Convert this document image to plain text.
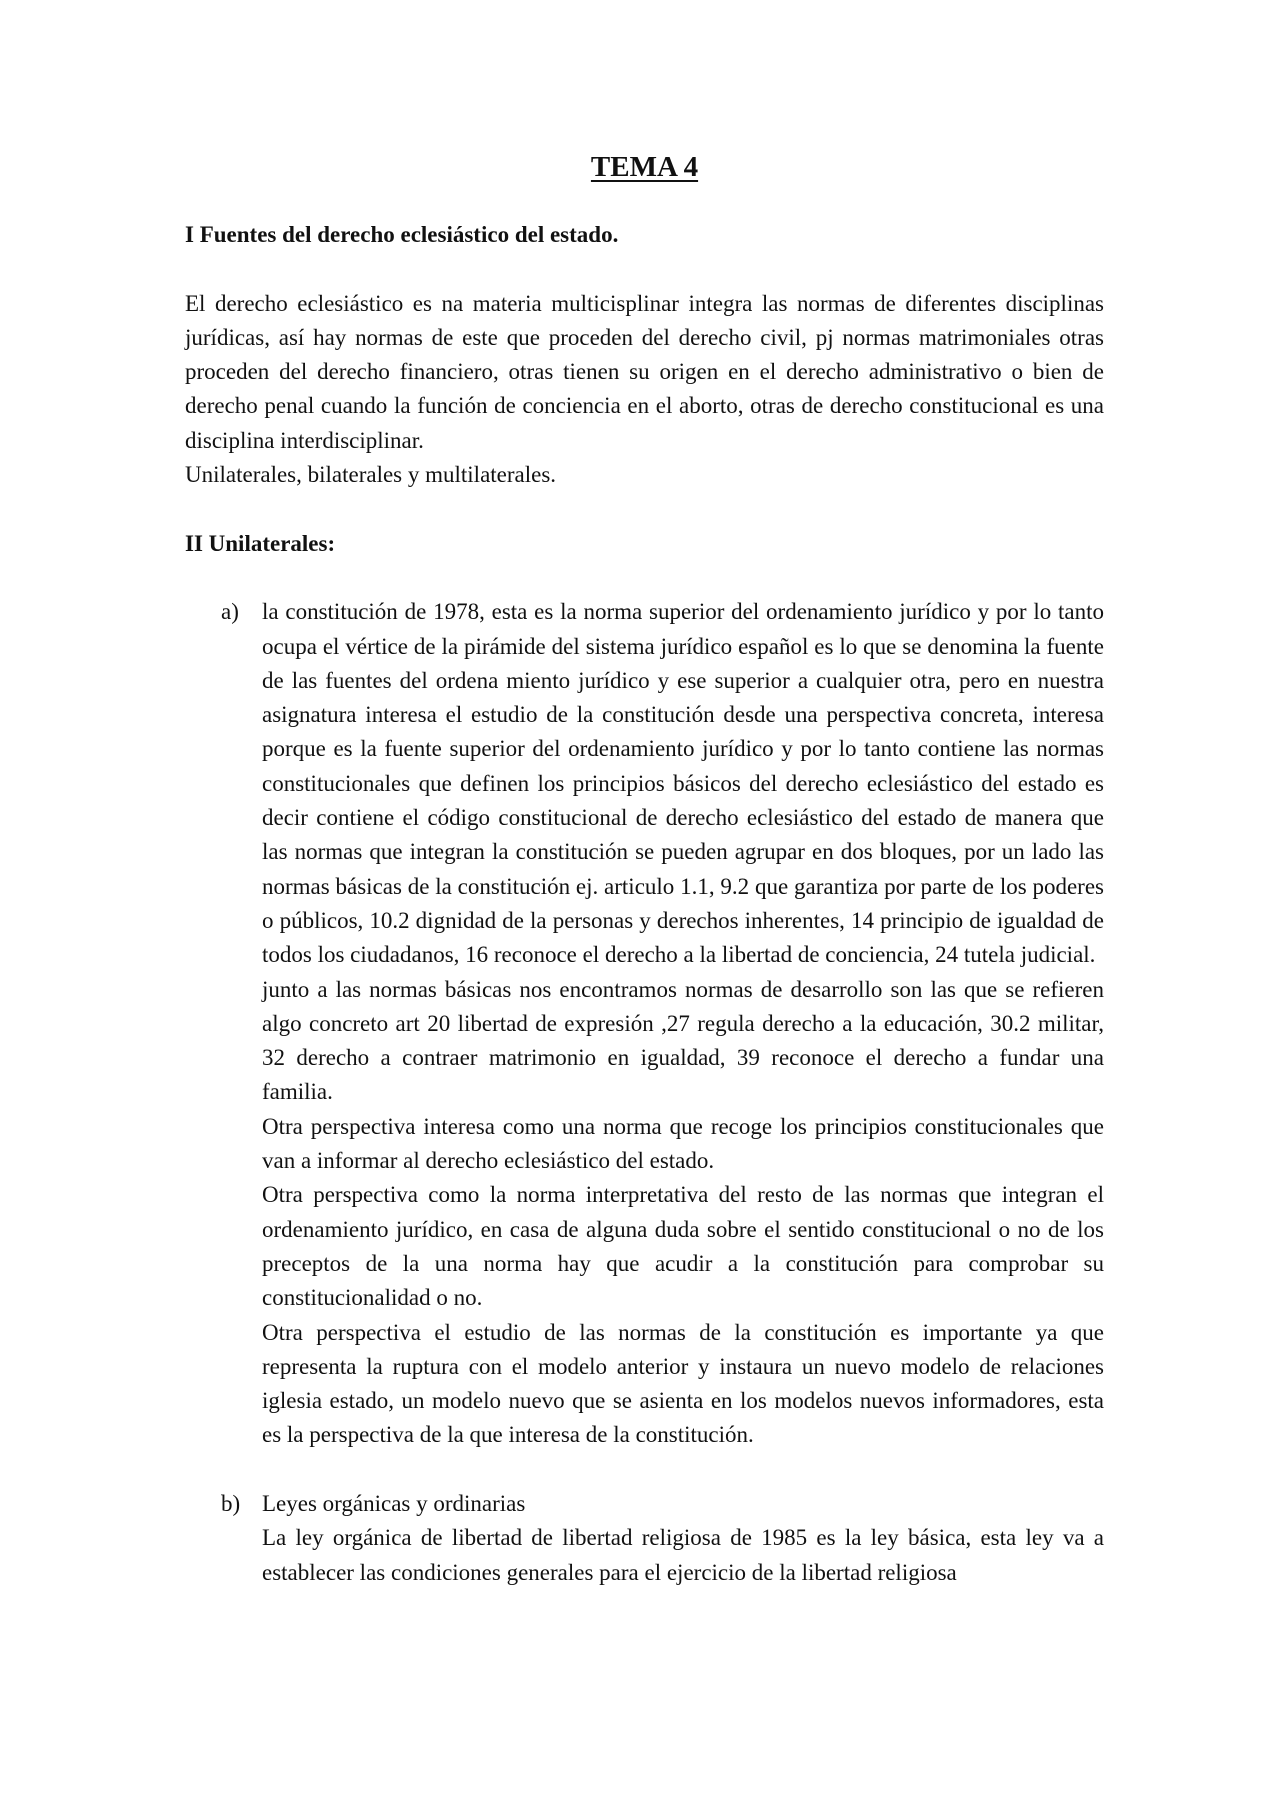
TEMA 4
I Fuentes del derecho eclesiástico del estado.

El derecho eclesiástico es na materia multicisplinar integra las normas de diferentes disciplinas jurídicas, así hay normas de este que proceden del derecho civil, pj normas matrimoniales otras proceden del derecho financiero, otras tienen su origen en el derecho administrativo o bien de derecho penal cuando la función de conciencia en el aborto, otras de derecho constitucional es una disciplina interdisciplinar.

Unilaterales, bilaterales y multilaterales.

II Unilaterales:
a) la constitución de 1978, esta es la norma superior del ordenamiento jurídico y por lo tanto ocupa el vértice de la pirámide del sistema jurídico español es lo que se denomina la fuente de las fuentes del ordena miento jurídico y ese superior a cualquier otra, pero en nuestra asignatura interesa el estudio de la constitución desde una perspectiva concreta, interesa porque es la fuente superior del ordenamiento jurídico y por lo tanto contiene las normas constitucionales que definen los principios básicos del derecho eclesiástico del estado es decir contiene el código constitucional de derecho eclesiástico del estado de manera que las normas que integran la constitución se pueden agrupar en dos bloques, por un lado las normas básicas de la constitución ej. articulo 1.1, 9.2 que garantiza por parte de los poderes o públicos, 10.2 dignidad de la personas y derechos inherentes, 14 principio de igualdad de todos los ciudadanos, 16 reconoce el derecho a la libertad de conciencia, 24 tutela judicial.

junto a las normas básicas nos encontramos normas de desarrollo son las que se refieren algo concreto art 20 libertad de expresión ,27 regula derecho a la educación, 30.2 militar, 32 derecho a contraer matrimonio en igualdad, 39 reconoce el derecho a fundar una familia.

Otra perspectiva interesa como una norma que recoge los principios constitucionales que van a informar al derecho eclesiástico del estado.

Otra perspectiva como la norma interpretativa del resto de las normas que integran el ordenamiento jurídico, en casa de alguna duda sobre el sentido constitucional o no de los preceptos de la una norma hay que acudir a la constitución para comprobar su constitucionalidad o no.

Otra perspectiva el estudio de las normas de la constitución es importante ya que representa la ruptura con el modelo anterior y instaura un nuevo modelo de relaciones iglesia estado, un modelo nuevo que se asienta en los modelos nuevos informadores, esta es la perspectiva de la que interesa de la constitución.

b) Leyes orgánicas y ordinarias

La ley orgánica de libertad de libertad religiosa de 1985 es la ley básica, esta ley va a establecer las condiciones generales para el ejercicio de la libertad religiosa
